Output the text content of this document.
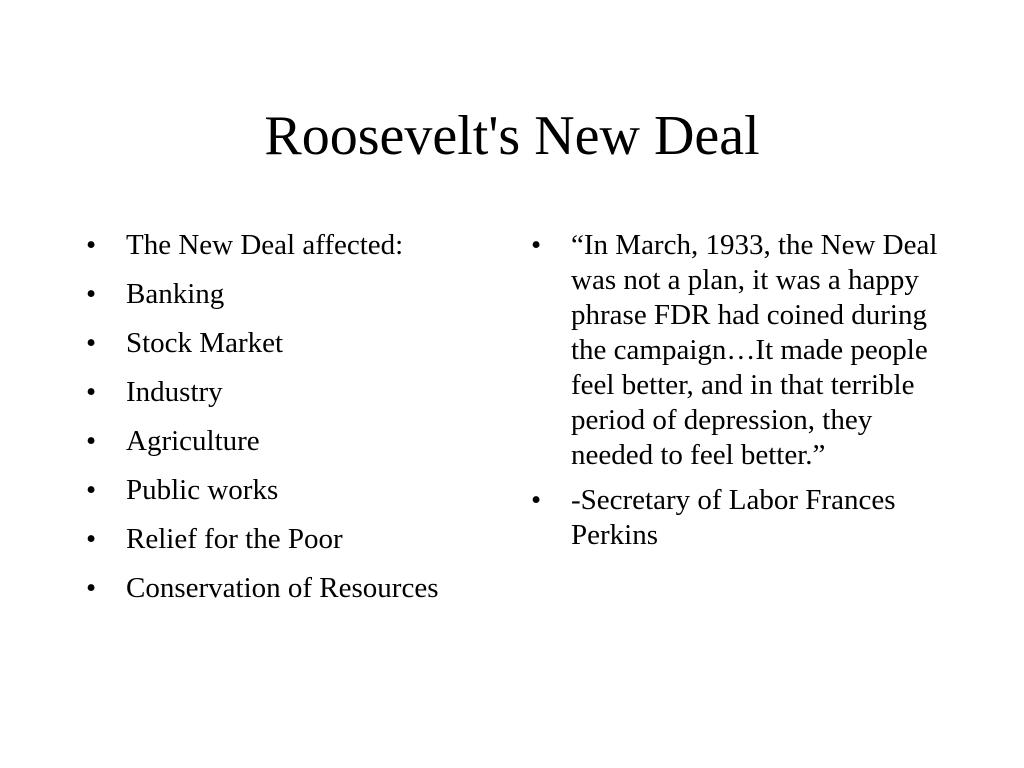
Roosevelt's New Deal
•	The New Deal affected:
•	Banking
•	Stock Market
•	Industry
•	Agriculture
•	Public works
•	Relief for the Poor
•	Conservation of Resources
•	“In March, 1933, the New Deal was not a plan, it was a happy phrase FDR had coined during the campaign…It made people feel better, and in that terrible period of depression, they needed to feel better.”
•	-Secretary of Labor Frances Perkins
